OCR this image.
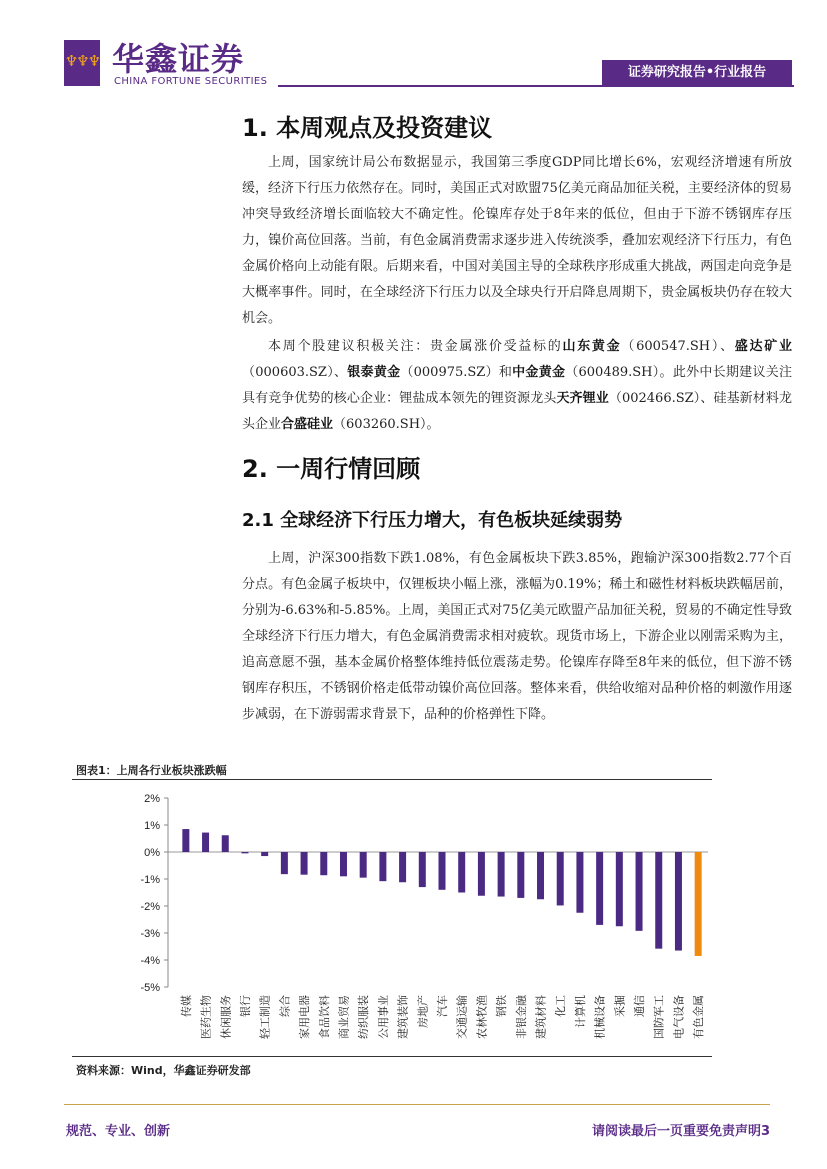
♆♆♆ 华鑫证券
CHINA FORTUNE SECURITIES
证券研究报告•行业报告
1. 本周观点及投资建议

上周，国家统计局公布数据显示，我国第三季度GDP同比增长6%，宏观经济增速有所放缓，经济下行压力依然存在。同时，美国正式对欧盟75亿美元商品加征关税，主要经济体的贸易冲突导致经济增长面临较大不确定性。伦镍库存处于8年来的低位，但由于下游不锈钢库存压力，镍价高位回落。当前，有色金属消费需求逐步进入传统淡季，叠加宏观经济下行压力，有色金属价格向上动能有限。后期来看，中国对美国主导的全球秩序形成重大挑战，两国走向竞争是大概率事件。同时，在全球经济下行压力以及全球央行开启降息周期下，贵金属板块仍存在较大机会。

本周个股建议积极关注：贵金属涨价受益标的山东黄金（600547.SH）、盛达矿业（000603.SZ）、银泰黄金（000975.SZ）和中金黄金（600489.SH）。此外中长期建议关注具有竞争优势的核心企业：锂盐成本领先的锂资源龙头天齐锂业（002466.SZ）、硅基新材料龙头企业合盛硅业（603260.SH）。

2. 一周行情回顾
2.1 全球经济下行压力增大，有色板块延续弱势

上周，沪深300指数下跌1.08%，有色金属板块下跌3.85%，跑输沪深300指数2.77个百分点。有色金属子板块中，仅锂板块小幅上涨，涨幅为0.19%；稀土和磁性材料板块跌幅居前，分别为-6.63%和-5.85%。上周，美国正式对75亿美元欧盟产品加征关税，贸易的不确定性导致全球经济下行压力增大，有色金属消费需求相对疲软。现货市场上，下游企业以刚需采购为主，追高意愿不强，基本金属价格整体维持低位震荡走势。伦镍库存降至8年来的低位，但下游不锈钢库存积压，不锈钢价格走低带动镍价高位回落。整体来看，供给收缩对品种价格的刺激作用逐步减弱，在下游弱需求背景下，品种的价格弹性下降。

图表1：上周各行业板块涨跌幅
2%
1%
0%
-1%
-2%
-3%
-4%
-5%
传媒 医药生物 休闲服务 银行 轻工制造 综合 家用电器 食品饮料 商业贸易 纺织服装 公用事业 建筑装饰 房地产 汽车 交通运输 农林牧渔 钢铁 非银金融 建筑材料 化工 计算机 机械设备 采掘 通信 国防军工 电气设备 有色金属
资料来源：Wind，华鑫证券研发部
规范、专业、创新	请阅读最后一页重要免责声明3
